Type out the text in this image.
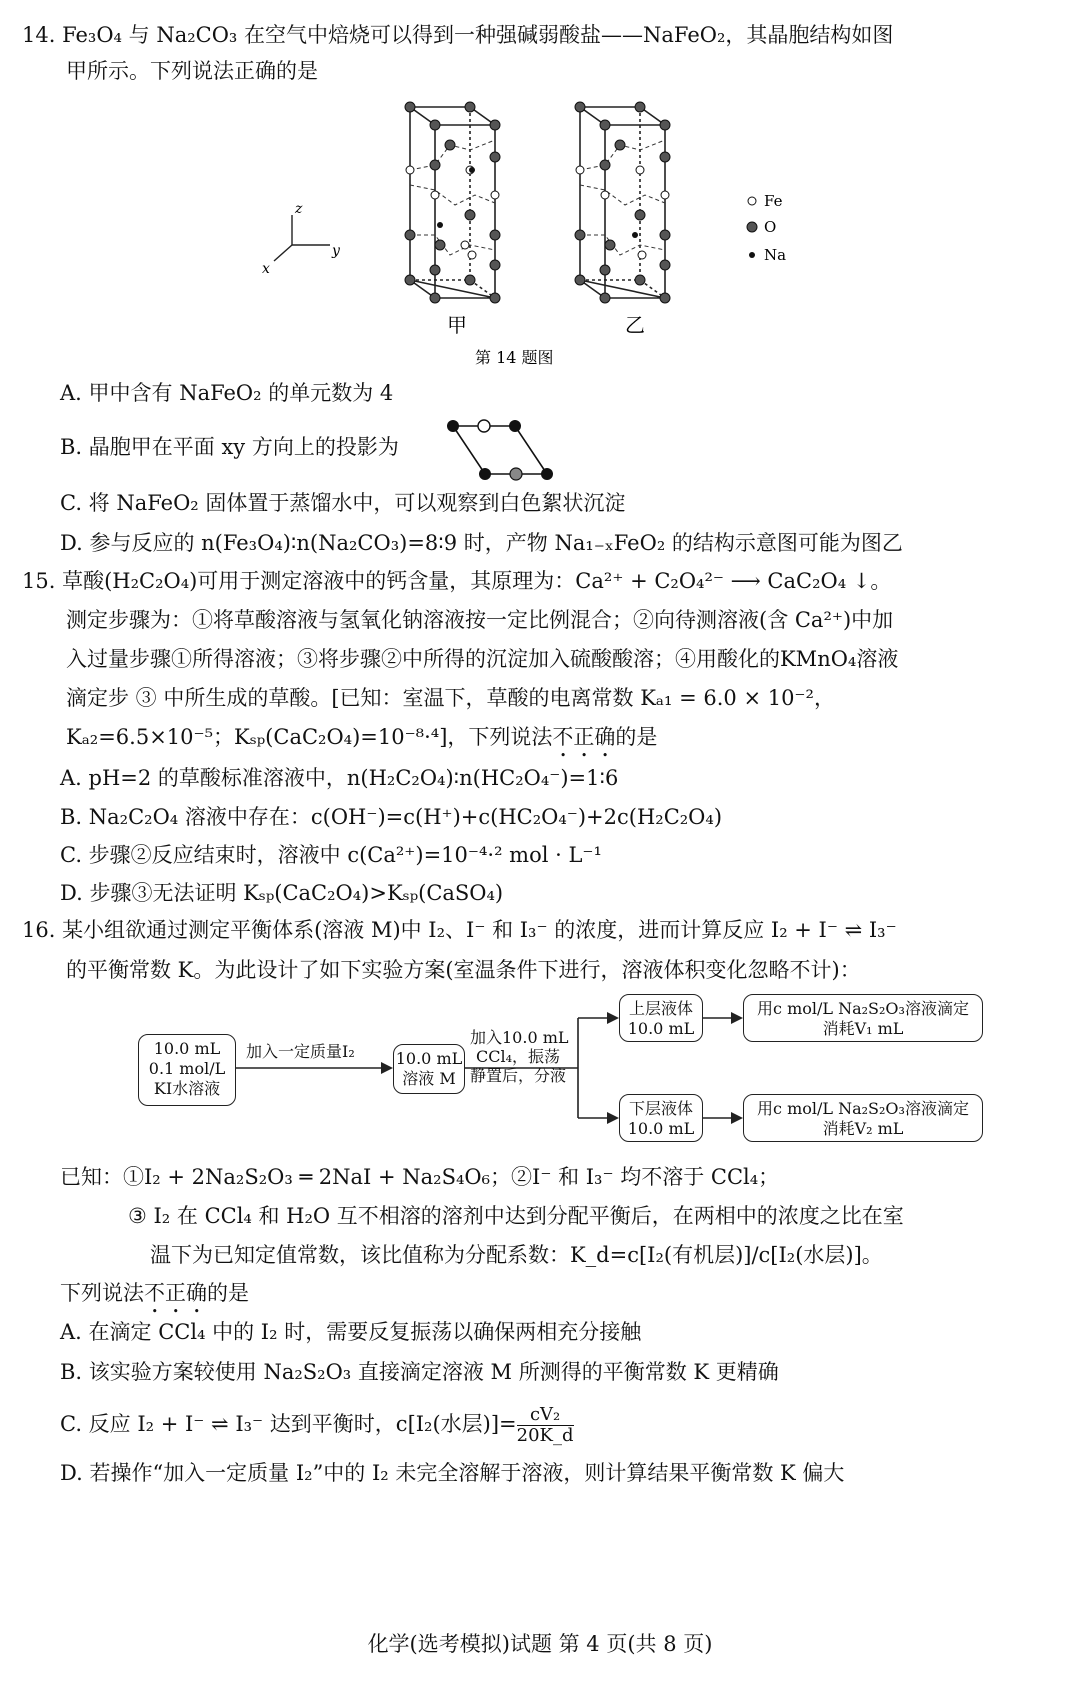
14. Fe₃O₄ 与 Na₂CO₃ 在空气中焙烧可以得到一种强碱弱酸盐——NaFeO₂，其晶胞结构如图
甲所示。下列说法正确的是
z
y
x
Fe
O
Na
甲	乙
第 14 题图
A. 甲中含有 NaFeO₂ 的单元数为 4
B. 晶胞甲在平面 xy 方向上的投影为
C. 将 NaFeO₂ 固体置于蒸馏水中，可以观察到白色絮状沉淀
D. 参与反应的 n(Fe₃O₄)∶n(Na₂CO₃)=8∶9 时，产物 Na₁₋ₓFeO₂ 的结构示意图可能为图乙
15. 草酸(H₂C₂O₄)可用于测定溶液中的钙含量，其原理为：Ca²⁺ + C₂O₄²⁻ ⟶ CaC₂O₄ ↓。
测定步骤为：①将草酸溶液与氢氧化钠溶液按一定比例混合；②向待测溶液(含 Ca²⁺)中加
入过量步骤①所得溶液；③将步骤②中所得的沉淀加入硫酸酸溶；④用酸化的KMnO₄溶液
滴定步 ③ 中所生成的草酸。[已知：室温下，草酸的电离常数 Kₐ₁ = 6.0 × 10⁻²，
Kₐ₂=6.5×10⁻⁵；Kₛₚ(CaC₂O₄)=10⁻⁸·⁴]，下列说法不正确的是
A. pH=2 的草酸标准溶液中，n(H₂C₂O₄)∶n(HC₂O₄⁻)=1∶6
B. Na₂C₂O₄ 溶液中存在：c(OH⁻)=c(H⁺)+c(HC₂O₄⁻)+2c(H₂C₂O₄)
C. 步骤②反应结束时，溶液中 c(Ca²⁺)=10⁻⁴·² mol · L⁻¹
D. 步骤③无法证明 Kₛₚ(CaC₂O₄)>Kₛₚ(CaSO₄)
16. 某小组欲通过测定平衡体系(溶液 M)中 I₂、I⁻ 和 I₃⁻ 的浓度，进而计算反应 I₂ + I⁻ ⇌ I₃⁻
的平衡常数 K。为此设计了如下实验方案(室温条件下进行，溶液体积变化忽略不计)：
10.0 mL
0.1 mol/L
KI水溶液
加入一定质量I₂	10.0 mL
溶液 M
加入10.0 mL
CCl₄，振荡
静置后，分液
上层液体
10.0 mL
下层液体
10.0 mL
用c mol/L Na₂S₂O₃溶液滴定
消耗V₁ mL
用c mol/L Na₂S₂O₃溶液滴定
消耗V₂ mL
已知：①I₂ + 2Na₂S₂O₃ ═ 2NaI + Na₂S₄O₆；②I⁻ 和 I₃⁻ 均不溶于 CCl₄；
③ I₂ 在 CCl₄ 和 H₂O 互不相溶的溶剂中达到分配平衡后，在两相中的浓度之比在室
温下为已知定值常数，该比值称为分配系数：K_d=c[I₂(有机层)]/c[I₂(水层)]。
下列说法不正确的是
A. 在滴定 CCl₄ 中的 I₂ 时，需要反复振荡以确保两相充分接触
B. 该实验方案较使用 Na₂S₂O₃ 直接滴定溶液 M 所测得的平衡常数 K 更精确
C. 反应 I₂ + I⁻ ⇌ I₃⁻ 达到平衡时，c[I₂(水层)]= $\frac{\text{cV₂}}{20K\_d}$
D. 若操作“加入一定质量 I₂”中的 I₂ 未完全溶解于溶液，则计算结果平衡常数 K 偏大
化学(选考模拟)试题 第 4 页(共 8 页)
